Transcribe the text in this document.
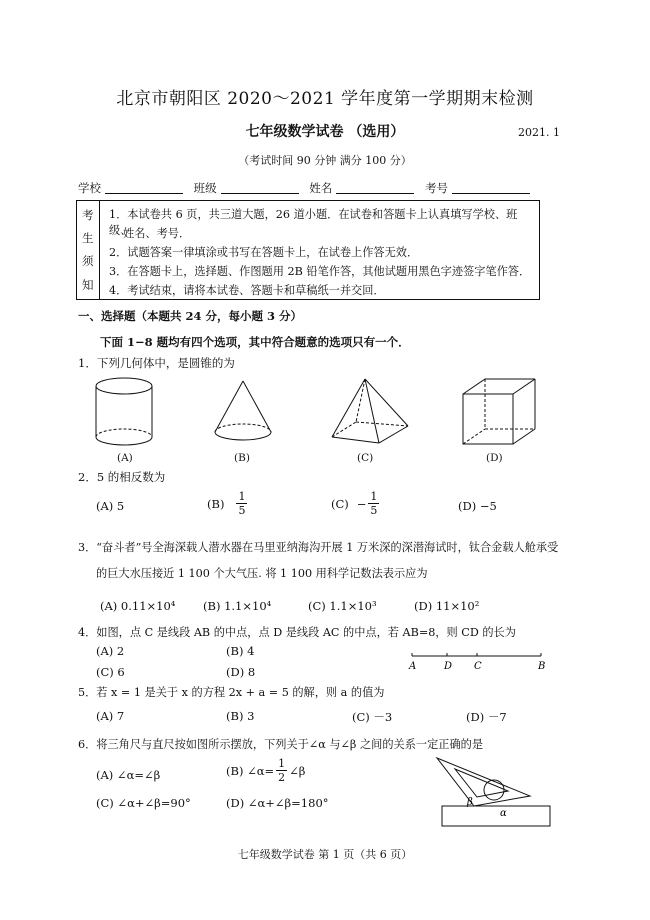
北京市朝阳区 2020～2021 学年度第一学期期末检测
七年级数学试卷 （选用）	2021. 1
（考试时间 90 分钟 满分 100 分）
学校	班级	姓名	考号
考
生
须
知
1．本试卷共 6 页，共三道大题，26 道小题．在试卷和答题卡上认真填写学校、班级、
姓名、考号．
2．试题答案一律填涂或书写在答题卡上，在试卷上作答无效．
3．在答题卡上，选择题、作图题用 2B 铅笔作答，其他试题用黑色字迹签字笔作答．
4．考试结束，请将本试卷、答题卡和草稿纸一并交回．
一、选择题（本题共 24 分，每小题 3 分）
下面 1−8 题均有四个选项，其中符合题意的选项只有一个．
1．下列几何体中，是圆锥的为
(A)	(B)	(C)	(D)
2．5 的相反数为
(A) 5	$(B) \frac{1}{5}$	$(C) - \frac{1}{5}$	(D) −5
3．“奋斗者”号全海深载人潜水器在马里亚纳海沟开展 1 万米深的深潜海试时，钛合金载人舱承受
的巨大水压接近 1 100 个大气压. 将 1 100 用科学记数法表示应为
(A) 0.11×10⁴ (B) 1.1×10⁴	(C) 1.1×10³	(D) 11×10²
4．如图，点 C 是线段 AB 的中点，点 D 是线段 AC 的中点，若 AB=8，则 CD 的长为
(A) 2	(B) 4
(C) 6	(D) 8	A	D C	B
5．若 x = 1 是关于 x 的方程 2x + a = 5 的解，则 a 的值为
(A) 7	(B) 3	(C) －3	(D) －7
6．将三角尺与直尺按如图所示摆放，下列关于∠α 与∠β 之间的关系一定正确的是
(A) ∠α=∠β	(B) ∠α= $\frac{1}{2}$ ∠β
(C) ∠α+∠β=90°	(D) ∠α+∠β=180°	β
α
七年级数学试卷 第 1 页（共 6 页）
